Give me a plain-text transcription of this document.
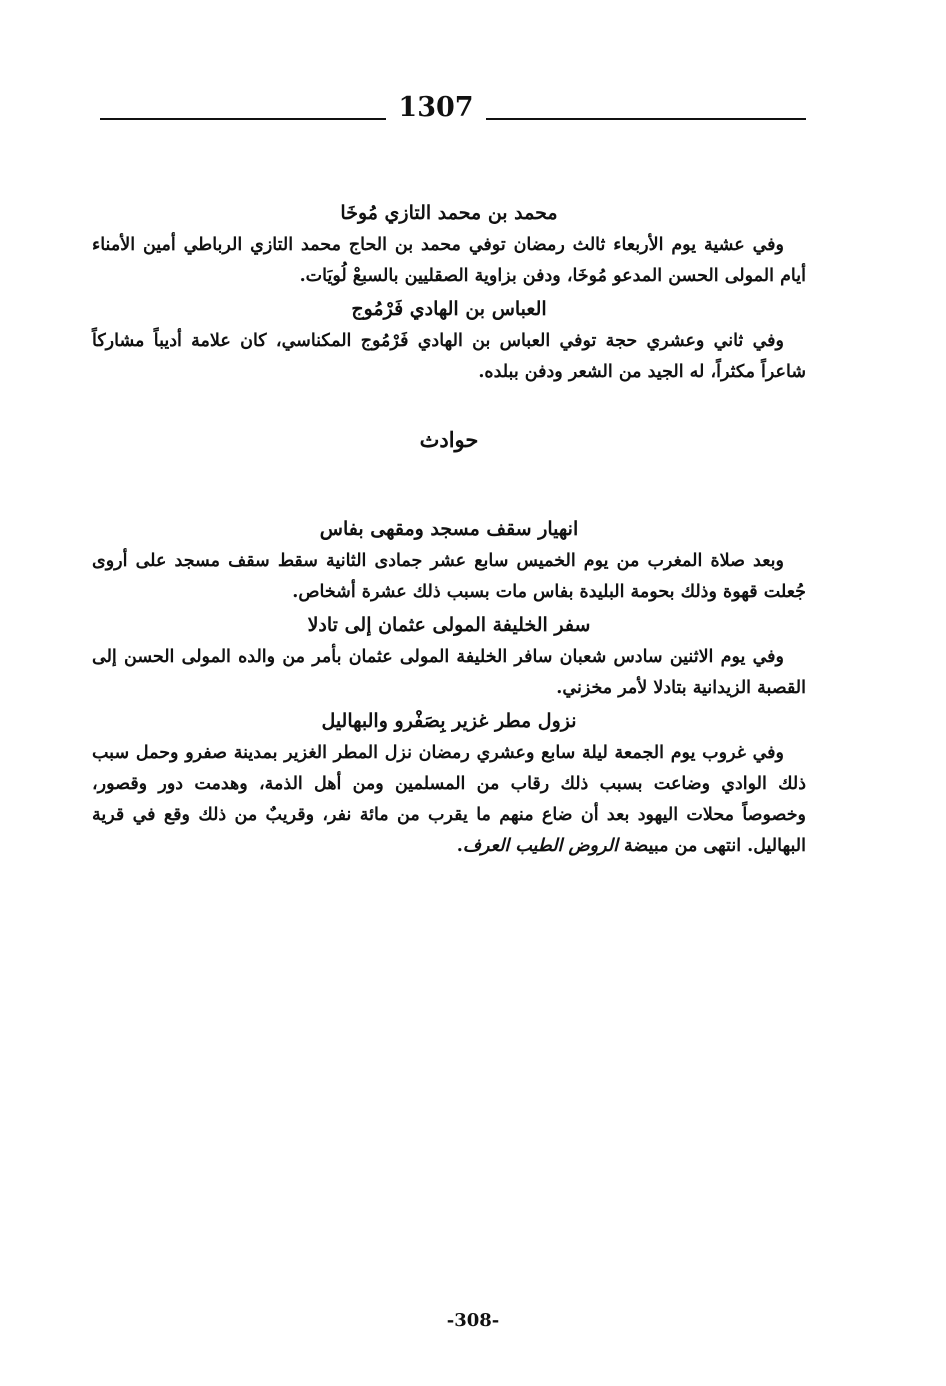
1307
محمد بن محمد التازي مُوخَا

وفي عشية يوم الأربعاء ثالث رمضان توفي محمد بن الحاج محمد التازي الرباطي أمين الأمناء أيام المولى الحسن المدعو مُوخَا، ودفن بزاوية الصقليين بالسبعْ لُويَات.

العباس بن الهادي فَرْمُوج

وفي ثاني وعشري حجة توفي العباس بن الهادي فَرْمُوج المكناسي، كان علامة أديباً مشاركاً شاعراً مكثراً، له الجيد من الشعر ودفن ببلده.

حوادث
انهيار سقف مسجد ومقهى بفاس

وبعد صلاة المغرب من يوم الخميس سابع عشر جمادى الثانية سقط سقف مسجد على أروى جُعلت قهوة وذلك بحومة البليدة بفاس مات بسبب ذلك عشرة أشخاص.

سفر الخليفة المولى عثمان إلى تادلا

وفي يوم الاثنين سادس شعبان سافر الخليفة المولى عثمان بأمر من والده المولى الحسن إلى القصبة الزيدانية بتادلا لأمر مخزني.

نزول مطر غزير بِصَفْرو والبهاليل

وفي غروب يوم الجمعة ليلة سابع وعشري رمضان نزل المطر الغزير بمدينة صفرو وحمل سبب ذلك الوادي وضاعت بسبب ذلك رقاب من المسلمين ومن أهل الذمة، وهدمت دور وقصور، وخصوصاً محلات اليهود بعد أن ضاع منهم ما يقرب من مائة نفر، وقريبٌ من ذلك وقع في قرية البهاليل. انتهى من مبيضة الروض الطيب العرف.

-308-
